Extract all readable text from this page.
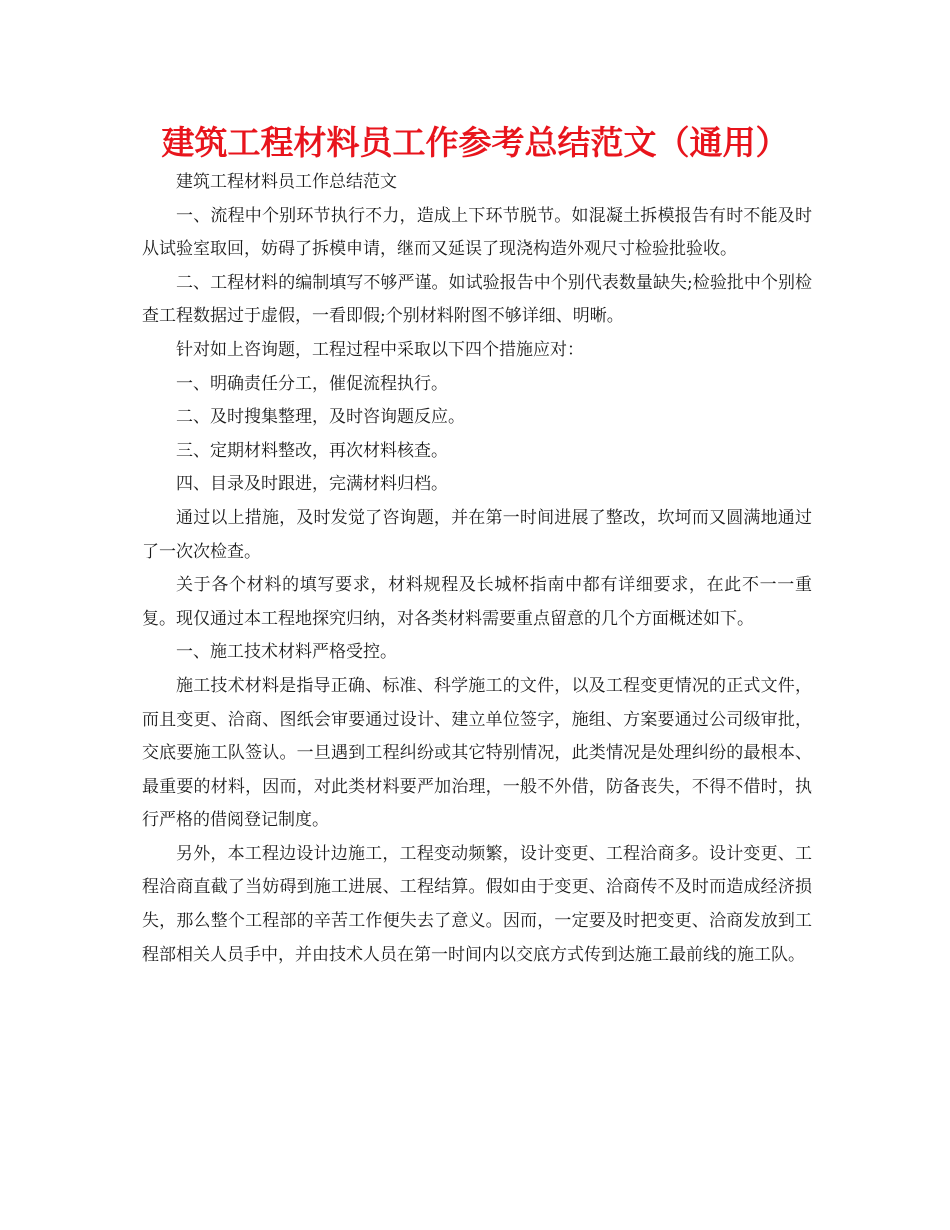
建筑工程材料员工作参考总结范文（通用）

建筑工程材料员工作总结范文

一、流程中个别环节执行不力，造成上下环节脱节。如混凝土拆模报告有时不能及时从试验室取回，妨碍了拆模申请，继而又延误了现浇构造外观尺寸检验批验收。

二、工程材料的编制填写不够严谨。如试验报告中个别代表数量缺失;检验批中个别检查工程数据过于虚假，一看即假;个别材料附图不够详细、明晰。

针对如上咨询题，工程过程中采取以下四个措施应对：

一、明确责任分工，催促流程执行。

二、及时搜集整理，及时咨询题反应。

三、定期材料整改，再次材料核查。

四、目录及时跟进，完满材料归档。

通过以上措施，及时发觉了咨询题，并在第一时间进展了整改，坎坷而又圆满地通过了一次次检查。

关于各个材料的填写要求，材料规程及长城杯指南中都有详细要求，在此不一一重复。现仅通过本工程地探究归纳，对各类材料需要重点留意的几个方面概述如下。

一、施工技术材料严格受控。

施工技术材料是指导正确、标准、科学施工的文件，以及工程变更情况的正式文件，而且变更、洽商、图纸会审要通过设计、建立单位签字，施组、方案要通过公司级审批，交底要施工队签认。一旦遇到工程纠纷或其它特别情况，此类情况是处理纠纷的最根本、最重要的材料，因而，对此类材料要严加治理，一般不外借，防备丧失，不得不借时，执行严格的借阅登记制度。

另外，本工程边设计边施工，工程变动频繁，设计变更、工程洽商多。设计变更、工程洽商直截了当妨碍到施工进展、工程结算。假如由于变更、洽商传不及时而造成经济损失，那么整个工程部的辛苦工作便失去了意义。因而，一定要及时把变更、洽商发放到工程部相关人员手中，并由技术人员在第一时间内以交底方式传到达施工最前线的施工队。
